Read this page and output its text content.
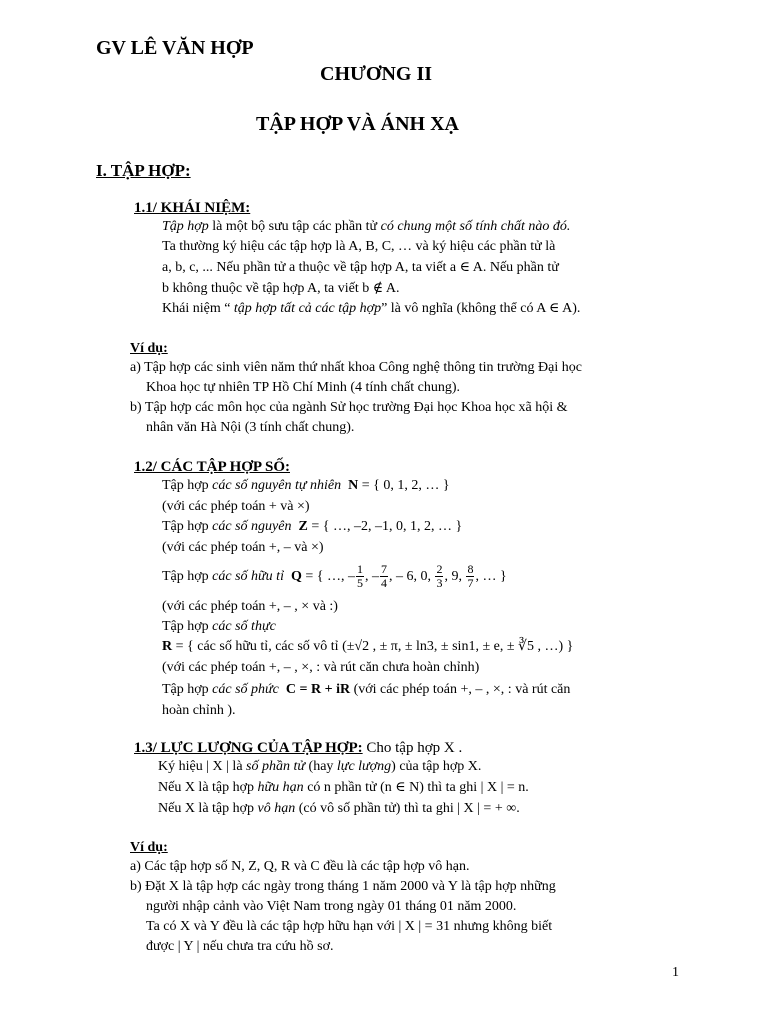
GV LÊ VĂN HỢP
CHƯƠNG II
TẬP HỢP VÀ ÁNH XẠ
I. TẬP HỢP:
1.1/ KHÁI NIỆM:
Tập hợp là một bộ sưu tập các phần tử có chung một số tính chất nào đó.
Ta thường ký hiệu các tập hợp là A, B, C, … và ký hiệu các phần tử là
a, b, c, ... Nếu phần tử a thuộc về tập hợp A, ta viết a ∈ A. Nếu phần tử
b không thuộc về tập hợp A, ta viết b ∉ A.
Khái niệm “ tập hợp tất cả các tập hợp” là vô nghĩa (không thể có A ∈ A).
Ví dụ:
a) Tập hợp các sinh viên năm thứ nhất khoa Công nghệ thông tin trường Đại học
Khoa học tự nhiên TP Hồ Chí Minh (4 tính chất chung).
b) Tập hợp các môn học của ngành Sử học trường Đại học Khoa học xã hội &
nhân văn Hà Nội (3 tính chất chung).
1.2/ CÁC TẬP HỢP SỐ:
Tập hợp các số nguyên tự nhiên N = { 0, 1, 2, … }
(với các phép toán + và ×)
Tập hợp các số nguyên Z = { …, –2, –1, 0, 1, 2, … }
(với các phép toán +, – và ×)
Tập hợp các số hữu tỉ Q = { …, – $\frac{1}{5}$ , – $\frac{7}{4}$ , – 6, 0, $\frac{2}{3}$ , 9, $\frac{8}{7}$ , … }
(với các phép toán +, – , × và :)
Tập hợp các số thực
R = { các số hữu tỉ, các số vô tỉ (±√2 , ± π, ± ln3, ± sin1, ± e, ± ∛5 , …) }
(với các phép toán +, – , ×, : và rút căn chưa hoàn chỉnh)
Tập hợp các số phức C = R + iR (với các phép toán +, – , ×, : và rút căn
hoàn chỉnh ).
1.3/ LỰC LƯỢNG CỦA TẬP HỢP: Cho tập hợp X .
Ký hiệu | X | là số phần tử (hay lực lượng) của tập hợp X.
Nếu X là tập hợp hữu hạn có n phần tử (n ∈ N) thì ta ghi | X | = n.
Nếu X là tập hợp vô hạn (có vô số phần tử) thì ta ghi | X | = + ∞.
Ví dụ:
a) Các tập hợp số N, Z, Q, R và C đều là các tập hợp vô hạn.
b) Đặt X là tập hợp các ngày trong tháng 1 năm 2000 và Y là tập hợp những
người nhập cảnh vào Việt Nam trong ngày 01 tháng 01 năm 2000.
Ta có X và Y đều là các tập hợp hữu hạn với | X | = 31 nhưng không biết
được | Y | nếu chưa tra cứu hồ sơ.
1
